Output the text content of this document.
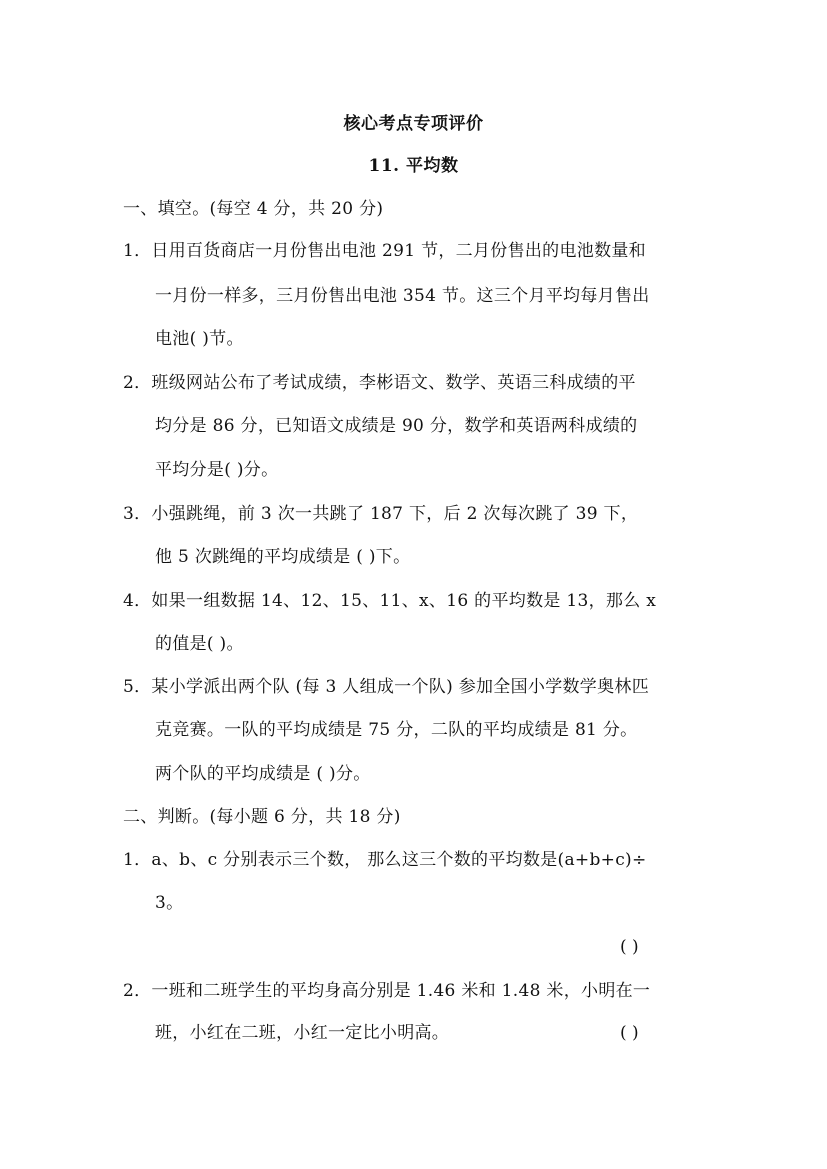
核心考点专项评价
11. 平均数
一、填空。(每空 4 分，共 20 分)
1．日用百货商店一月份售出电池 291 节，二月份售出的电池数量和
一月份一样多，三月份售出电池 354 节。这三个月平均每月售出
电池( )节。
2．班级网站公布了考试成绩，李彬语文、数学、英语三科成绩的平
均分是 86 分，已知语文成绩是 90 分，数学和英语两科成绩的
平均分是( )分。
3．小强跳绳，前 3 次一共跳了 187 下，后 2 次每次跳了 39 下，
他 5 次跳绳的平均成绩是 ( )下。
4．如果一组数据 14、12、15、11、x、16 的平均数是 13，那么 x
的值是( )。
5．某小学派出两个队 (每 3 人组成一个队) 参加全国小学数学奥林匹
克竞赛。一队的平均成绩是 75 分，二队的平均成绩是 81 分。
两个队的平均成绩是 ( )分。
二、判断。(每小题 6 分，共 18 分)
1．a、b、c 分别表示三个数， 那么这三个数的平均数是(a+b+c)÷
3。
( )
2．一班和二班学生的平均身高分别是 1.46 米和 1.48 米，小明在一
班，小红在二班，小红一定比小明高。	( )
